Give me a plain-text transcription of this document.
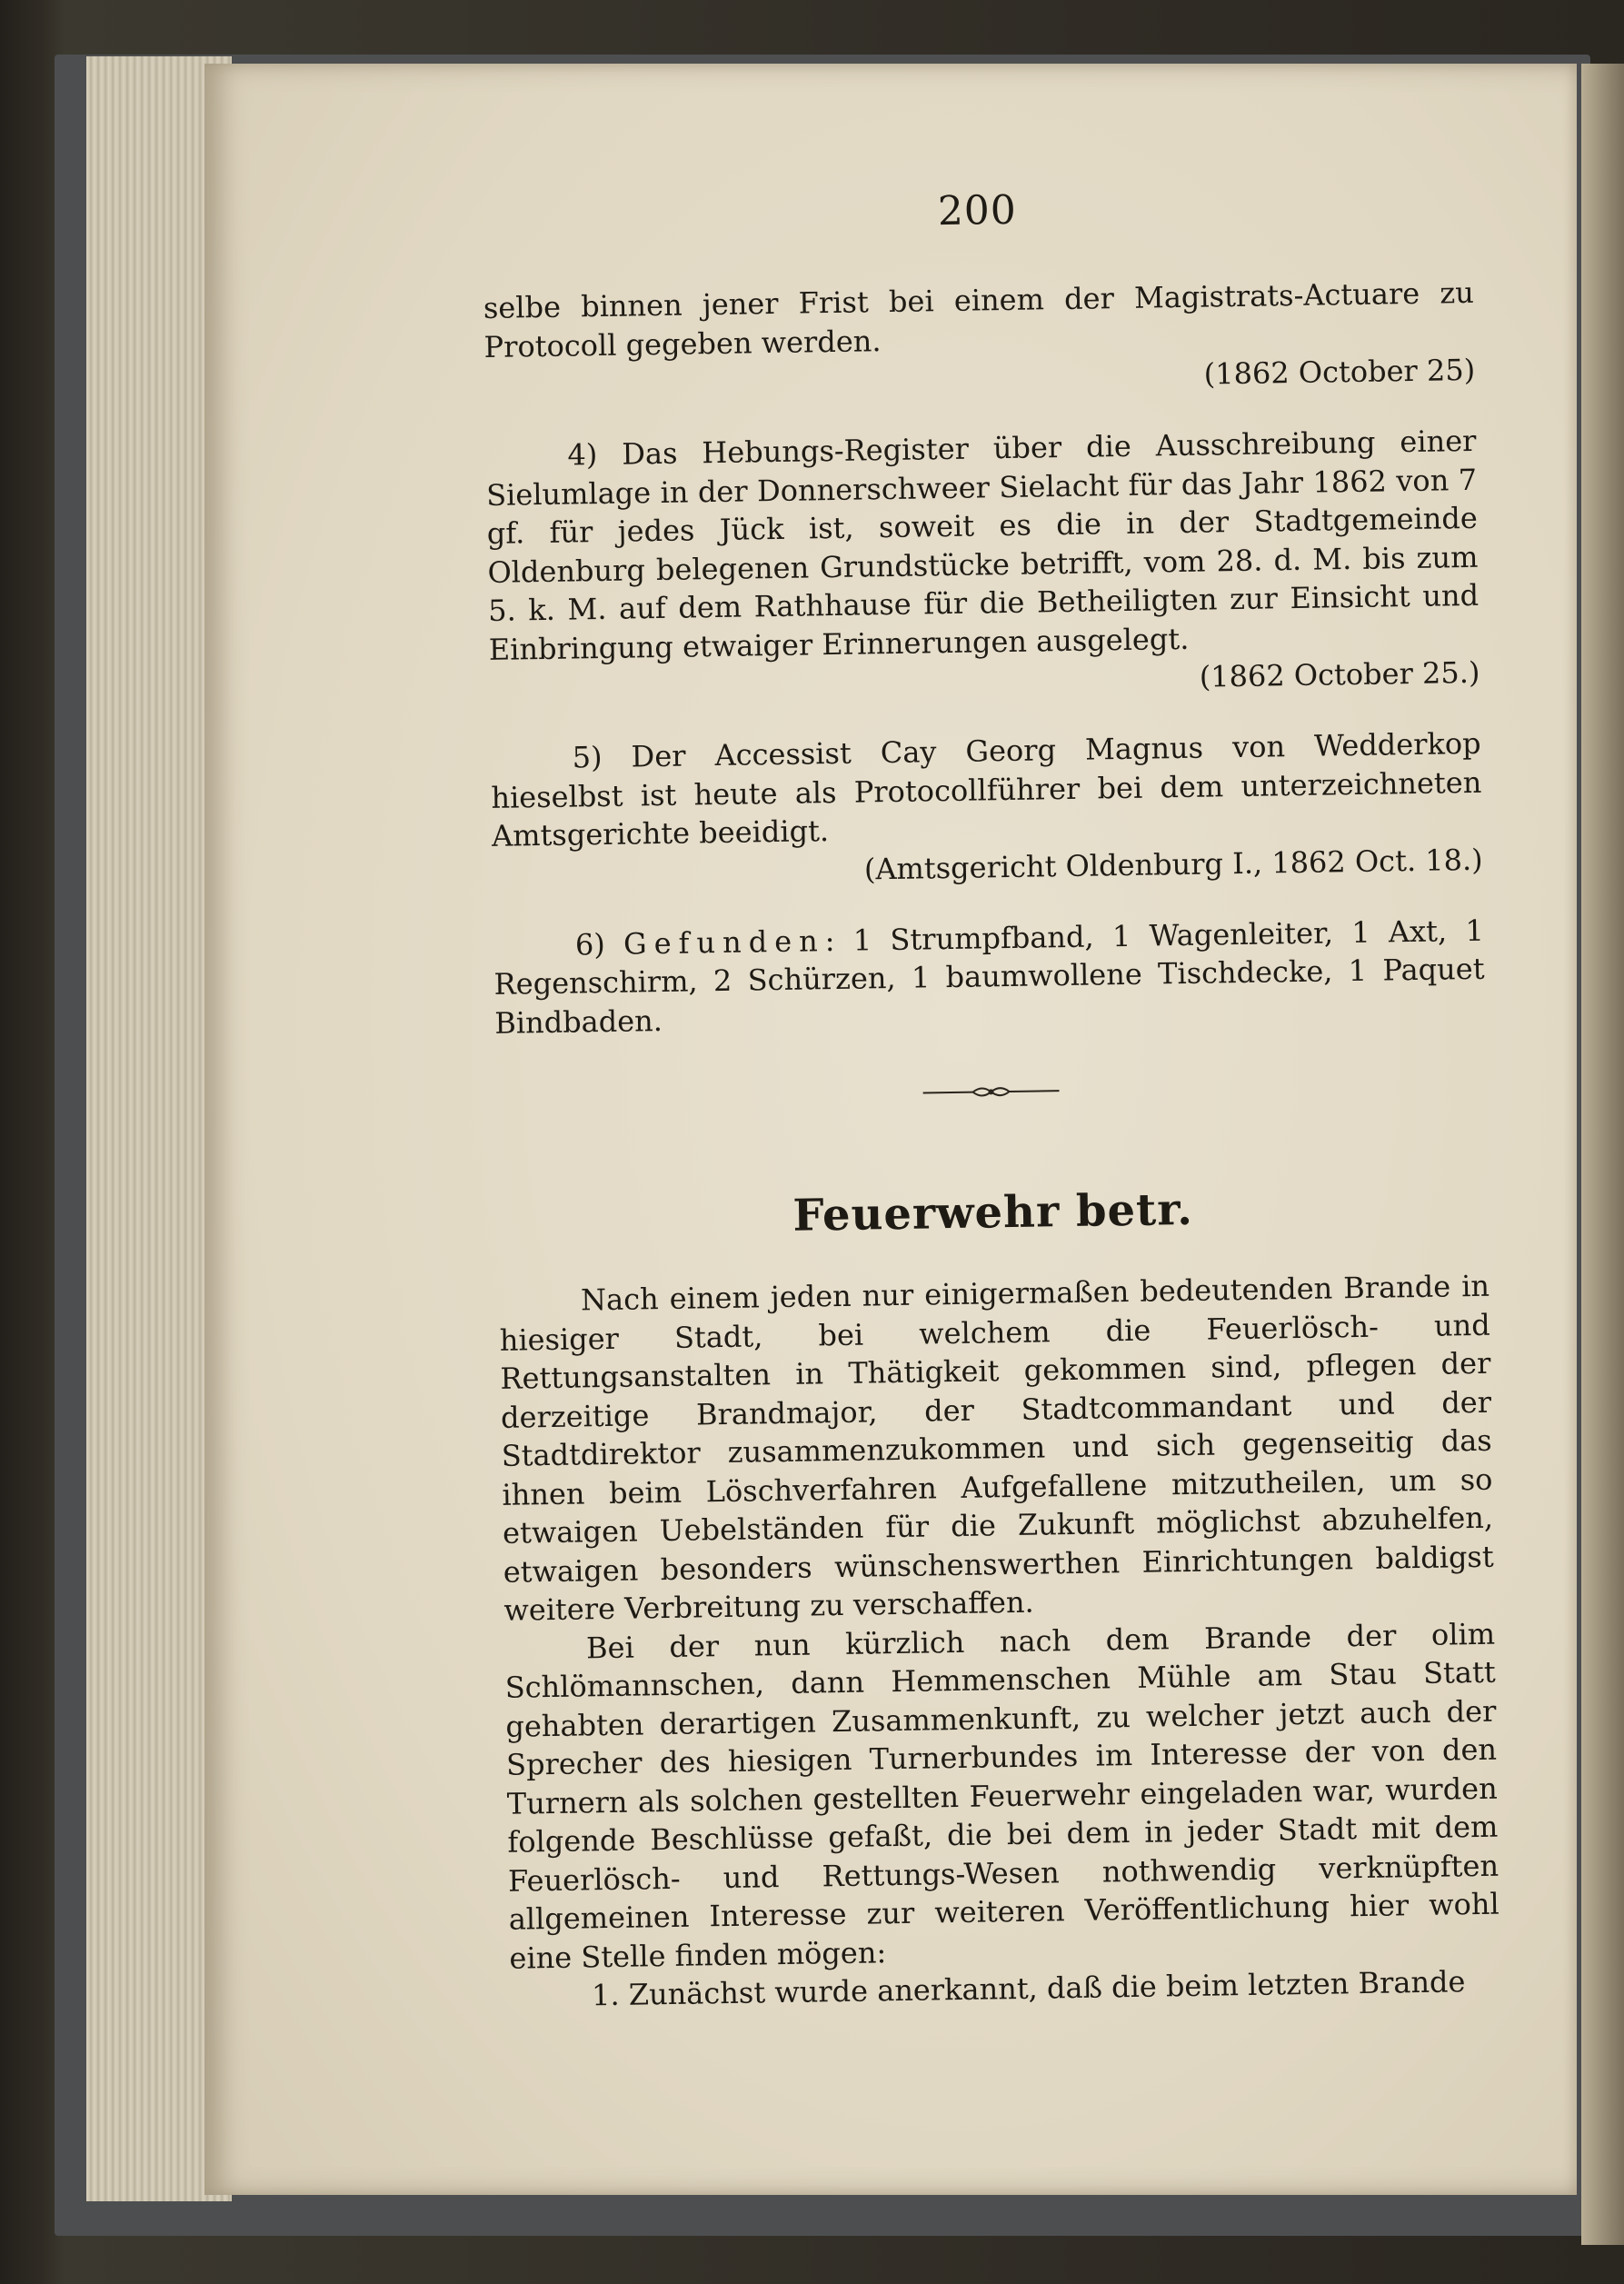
200

selbe binnen jener Frist bei einem der Magistrats-Actuare zu Protocoll gegeben werden.

(1862 October 25)

4) Das Hebungs-Register über die Ausschreibung einer Sielumlage in der Donnerschweer Sielacht für das Jahr 1862 von 7 gf. für jedes Jück ist, soweit es die in der Stadtgemeinde Oldenburg belegenen Grundstücke betrifft, vom 28. d. M. bis zum 5. k. M. auf dem Rathhause für die Betheiligten zur Einsicht und Einbringung etwaiger Erinnerungen ausgelegt.

(1862 October 25.)

5) Der Accessist Cay Georg Magnus von Wedderkop hieselbst ist heute als Protocollführer bei dem unterzeichneten Amtsgerichte beeidigt.

(Amtsgericht Oldenburg I., 1862 Oct. 18.)

6) Gefunden: 1 Strumpfband, 1 Wagenleiter, 1 Axt, 1 Regenschirm, 2 Schürzen, 1 baumwollene Tischdecke, 1 Paquet Bindbaden.

Feuerwehr betr.

Nach einem jeden nur einigermaßen bedeutenden Brande in hiesiger Stadt, bei welchem die Feuerlösch- und Rettungsanstalten in Thätigkeit gekommen sind, pflegen der derzeitige Brandmajor, der Stadtcommandant und der Stadtdirektor zusammenzukommen und sich gegenseitig das ihnen beim Löschverfahren Aufgefallene mitzutheilen, um so etwaigen Uebelständen für die Zukunft möglichst abzuhelfen, etwaigen besonders wünschenswerthen Einrichtungen baldigst weitere Verbreitung zu verschaffen.

Bei der nun kürzlich nach dem Brande der olim Schlömannschen, dann Hemmenschen Mühle am Stau Statt gehabten derartigen Zusammenkunft, zu welcher jetzt auch der Sprecher des hiesigen Turnerbundes im Interesse der von den Turnern als solchen gestellten Feuerwehr eingeladen war, wurden folgende Beschlüsse gefaßt, die bei dem in jeder Stadt mit dem Feuerlösch- und Rettungs-Wesen nothwendig verknüpften allgemeinen Interesse zur weiteren Veröffentlichung hier wohl eine Stelle finden mögen:

1. Zunächst wurde anerkannt, daß die beim letzten Brande
